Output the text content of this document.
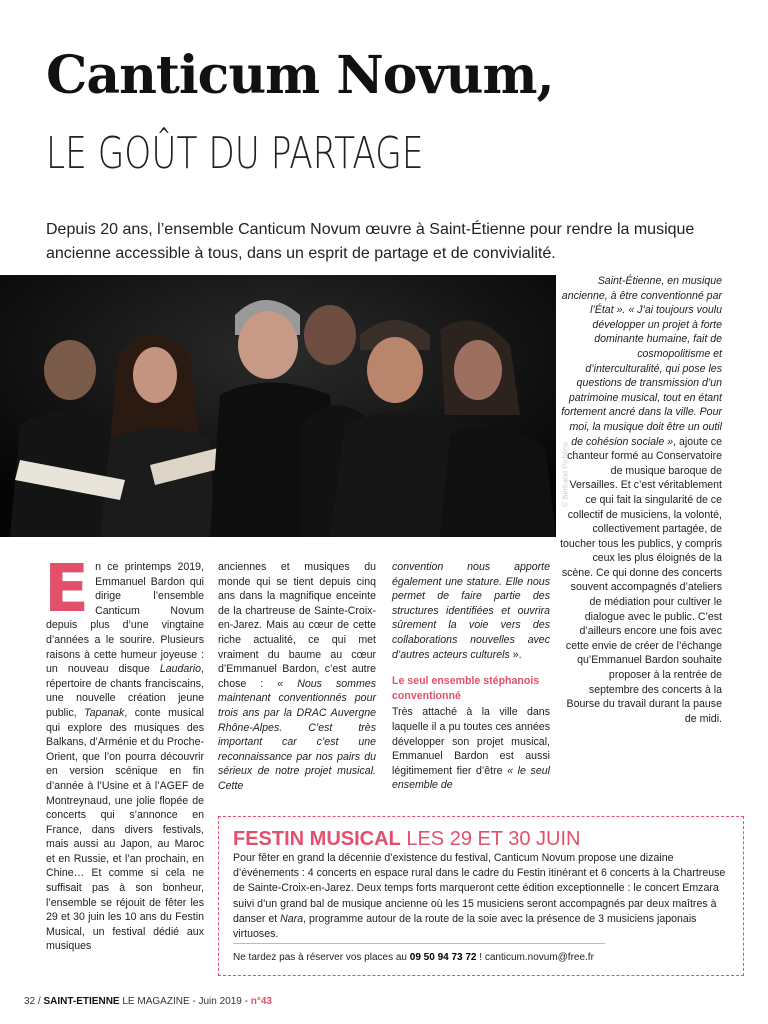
Canticum Novum,
LE GOÛT DU PARTAGE
Depuis 20 ans, l’ensemble Canticum Novum œuvre à Saint-Étienne pour rendre la musique ancienne accessible à tous, dans un esprit de partage et de convivialité.
© Bertrand Pichène

En ce printemps 2019, Emmanuel Bardon qui dirige l’ensemble Canticum Novum depuis plus d’une vingtaine d’années a le sourire. Plusieurs raisons à cette humeur joyeuse : un nouveau disque Laudario, répertoire de chants franciscains, une nouvelle création jeune public, Tapanak, conte musical qui explore des musiques des Balkans, d’Arménie et du Proche-Orient, que l’on pourra découvrir en version scénique en fin d’année à l’Usine et à l’AGEF de Montreynaud, une jolie flopée de concerts qui s’annonce en France, dans divers festivals, mais aussi au Japon, au Maroc et en Russie, et l’an prochain, en Chine… Et comme si cela ne suffisait pas à son bonheur, l’ensemble se réjouit de fêter les 29 et 30 juin les 10 ans du Festin Musical, un festival dédié aux musiques

anciennes et musiques du monde qui se tient depuis cinq ans dans la magnifique enceinte de la chartreuse de Sainte-Croix-en-Jarez. Mais au cœur de cette riche actualité, ce qui met vraiment du baume au cœur d’Emmanuel Bardon, c’est autre chose : « Nous sommes maintenant conventionnés pour trois ans par la DRAC Auvergne Rhône-Alpes. C’est très important car c’est une reconnaissance par nos pairs du sérieux de notre projet musical. Cette

convention nous apporte également une stature. Elle nous permet de faire partie des structures identifiées et ouvrira sûrement la voie vers des collaborations nouvelles avec d’autres acteurs culturels ».

Le seul ensemble stéphanois
conventionné

Très attaché à la ville dans laquelle il a pu toutes ces années développer son projet musical, Emmanuel Bardon est aussi légitimement fier d’être « le seul ensemble de

Saint-Étienne, en musique ancienne, à être conventionné par l’État ». « J’ai toujours voulu développer un projet à forte dominante humaine, fait de cosmopolitisme et d’interculturalité, qui pose les questions de transmission d’un patrimoine musical, tout en étant fortement ancré dans la ville. Pour moi, la musique doit être un outil de cohésion sociale », ajoute ce chanteur formé au Conservatoire de musique baroque de Versailles. Et c’est véritablement ce qui fait la singularité de ce collectif de musiciens, la volonté, collectivement partagée, de toucher tous les publics, y compris ceux les plus éloignés de la scène. Ce qui donne des concerts souvent accompagnés d’ateliers de médiation pour cultiver le dialogue avec le public. C’est d’ailleurs encore une fois avec cette envie de créer de l’échange qu’Emmanuel Bardon souhaite proposer à la rentrée de septembre des concerts à la Bourse du travail durant la pause de midi.

FESTIN MUSICAL LES 29 ET 30 JUIN
Pour fêter en grand la décennie d’existence du festival, Canticum Novum propose une dizaine d’événements : 4 concerts en espace rural dans le cadre du Festin itinérant et 6 concerts à la Chartreuse de Sainte-Croix-en-Jarez. Deux temps forts marqueront cette édition exceptionnelle : le concert Emzara suivi d’un grand bal de musique ancienne où les 15 musiciens seront accompagnés par deux maîtres à danser et Nara, programme autour de la route de la soie avec la présence de 3 musiciens japonais virtuoses.
Ne tardez pas à réserver vos places au 09 50 94 73 72 ! canticum.novum@free.fr
32 / SAINT-ETIENNE LE MAGAZINE - Juin 2019 - n°43
